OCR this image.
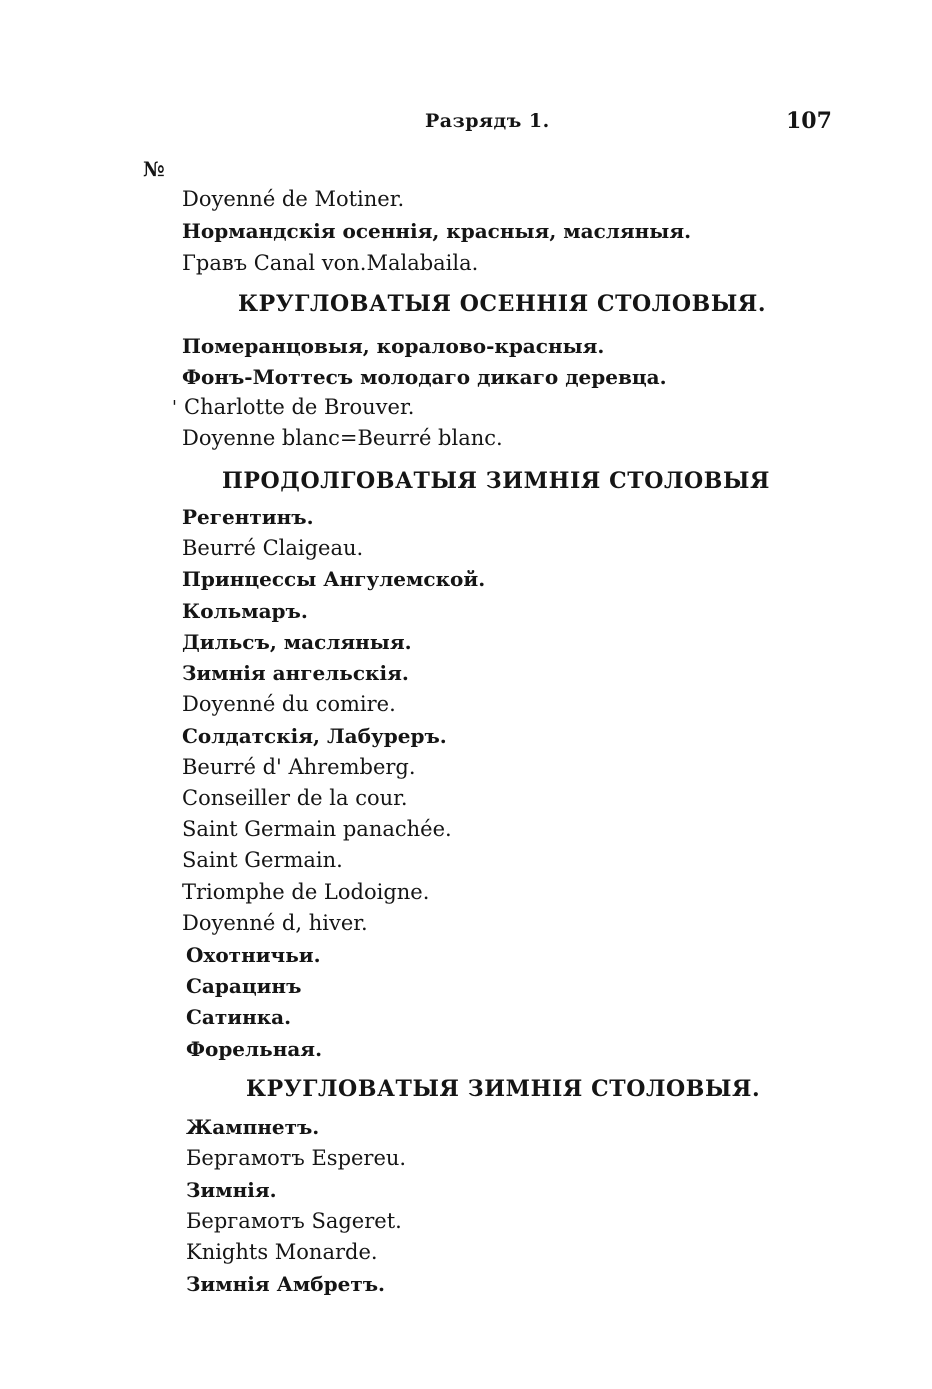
Разрядъ 1.	107
№
'
Doyenné de Motiner.
Нормандскія осеннія, красныя, масляныя.
Гравъ Canal von.Malabaila.
КРУГЛОВАТЫЯ ОСЕННІЯ СТОЛОВЫЯ.
Померанцовыя, коралово-красныя.
Фонъ-Моттесъ молодаго дикаго деревца.
Charlotte de Brouver.
Doyenne blanc=Beurré blanc.
ПРОДОЛГОВАТЫЯ ЗИМНІЯ СТОЛОВЫЯ
Регентинъ.
Beurré Claigeau.
Принцессы Ангулемской.
Кольмаръ.
Дильсъ, масляныя.
Зимнія ангельскія.
Doyenné du comire.
Солдатскія, Лабуреръ.
Beurré d' Ahremberg.
Conseiller de la cour.
Saint Germain panachée.
Saint Germain.
Triomphe de Lodoigne.
Doyenné d, hiver.
Охотничьи.
Сарацинъ
Сатинка.
Форельная.
КРУГЛОВАТЫЯ ЗИМНІЯ СТОЛОВЫЯ.
Жампнетъ.
Бергамотъ Espereu.
Зимнія.
Бергамотъ Sageret.
Knights Monarde.
Зимнія Амбретъ.
